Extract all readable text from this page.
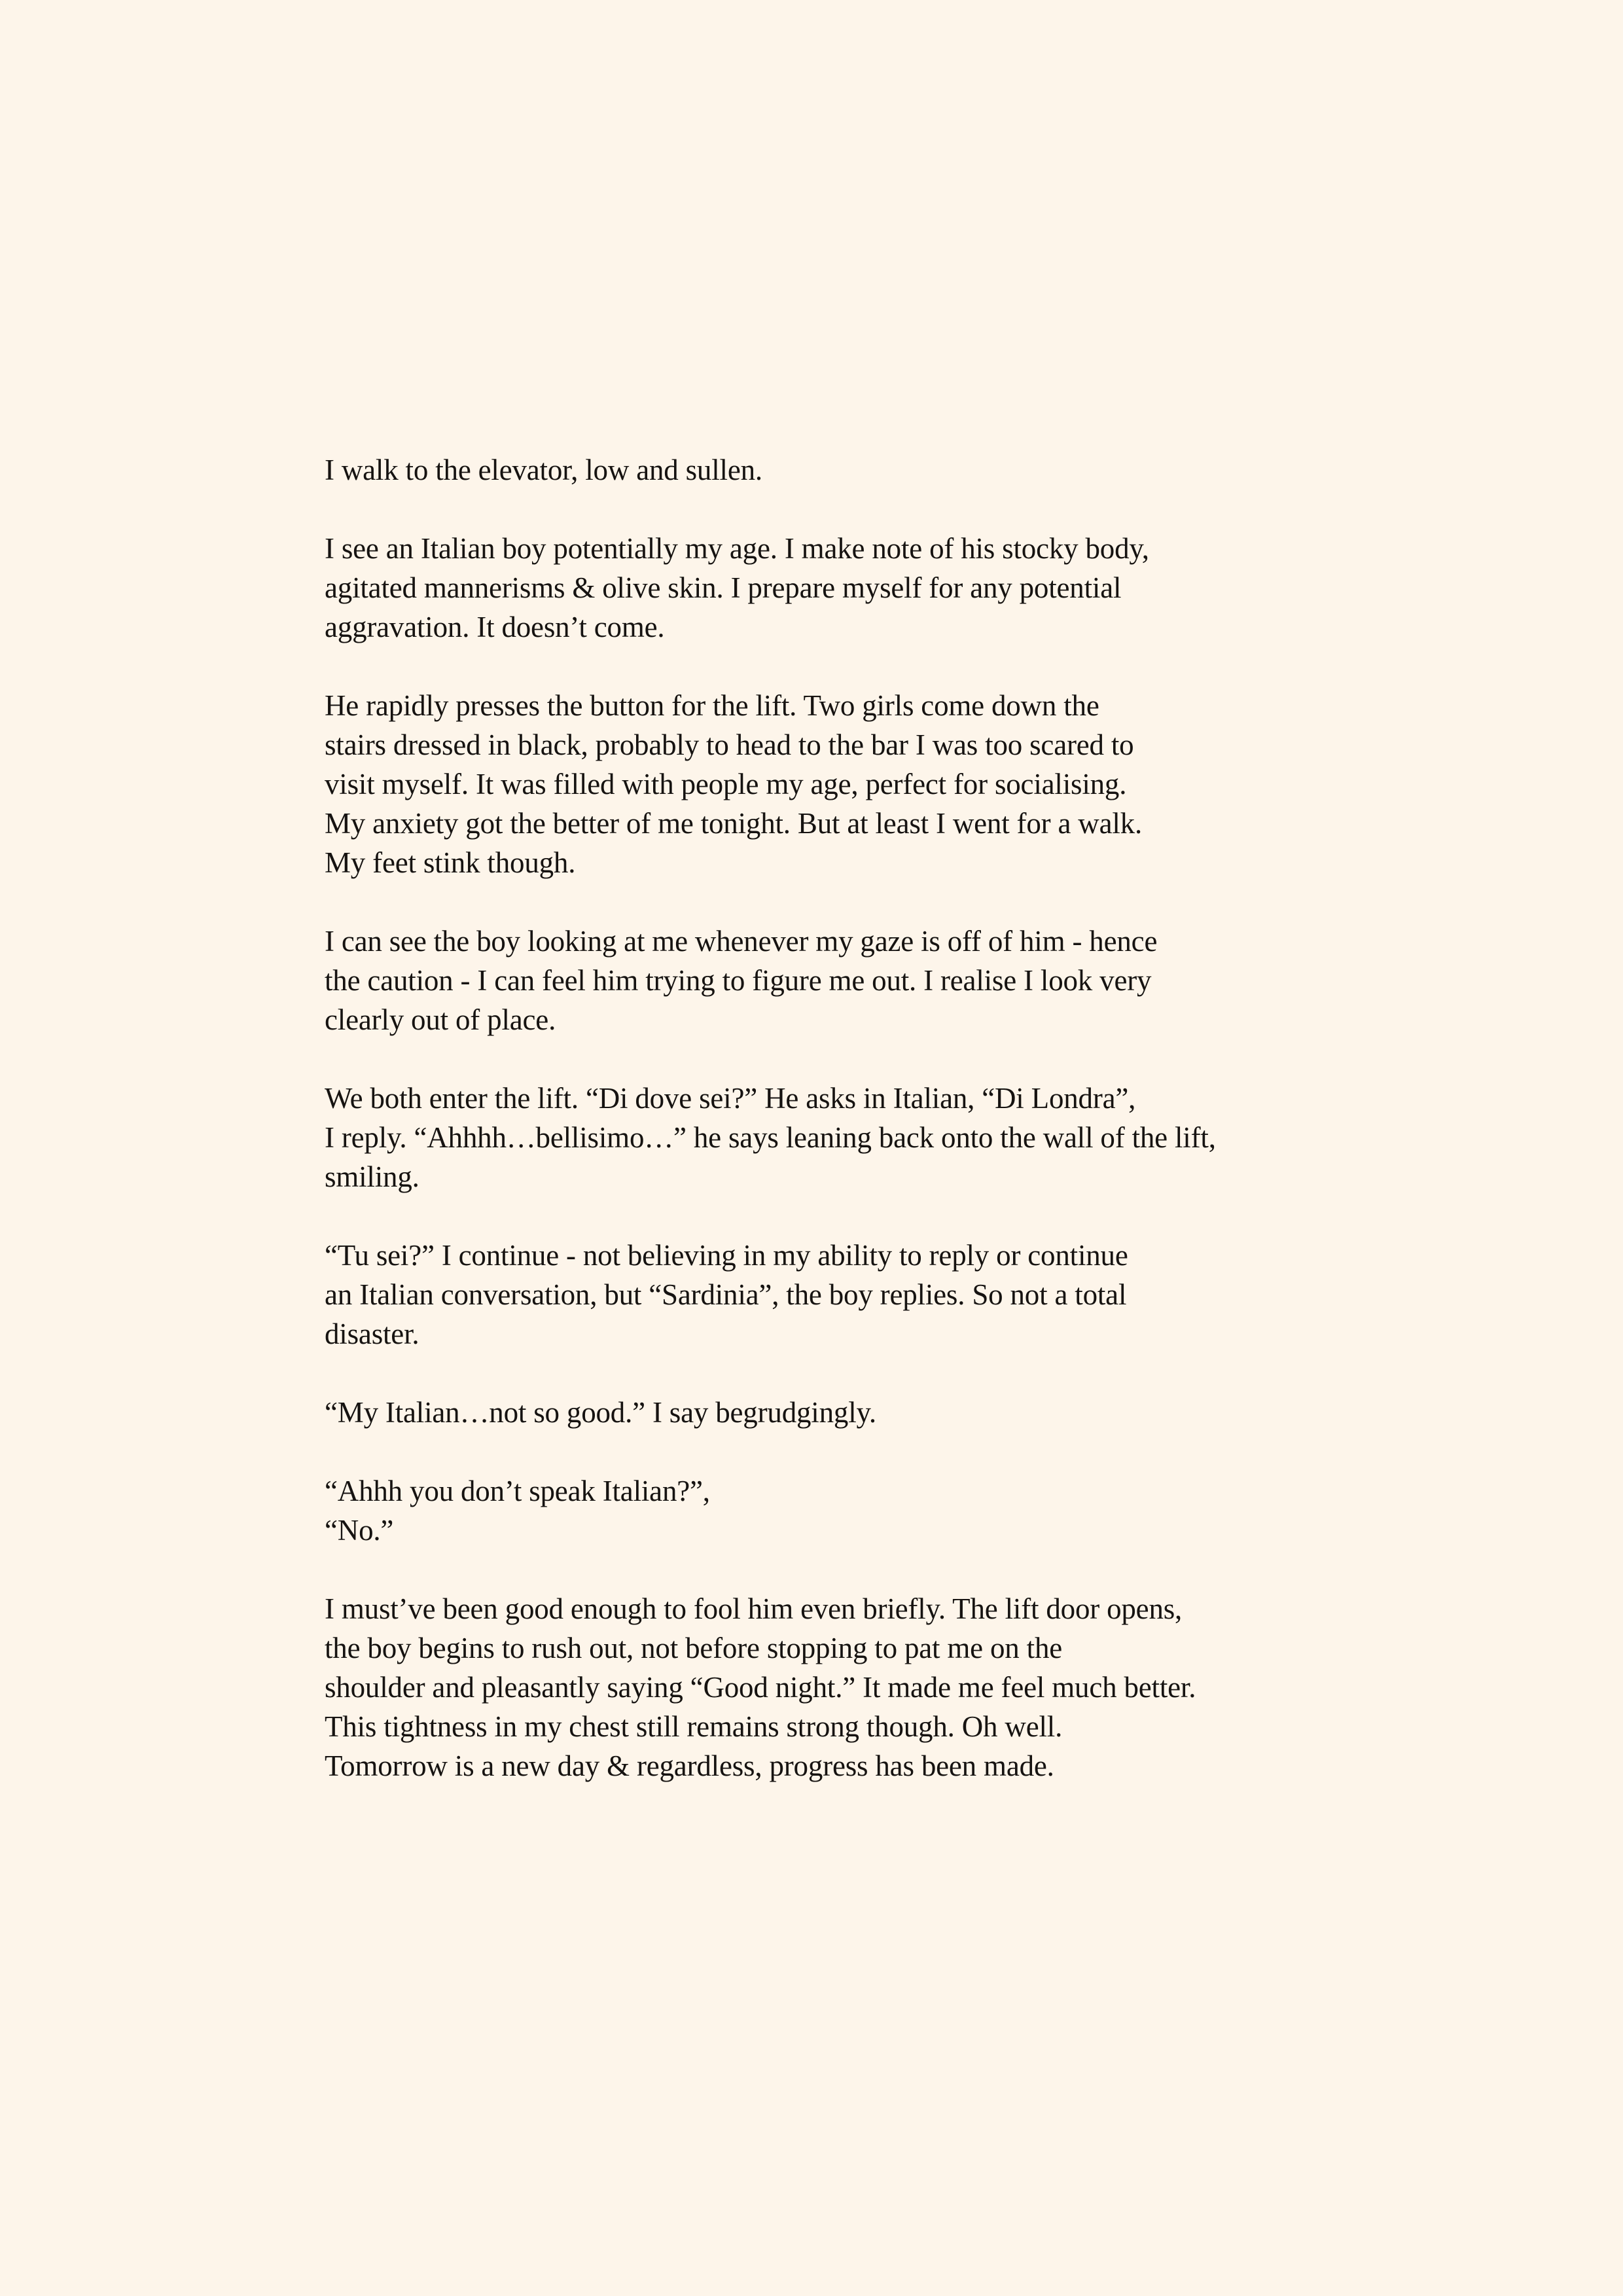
I walk to the elevator, low and sullen.

I see an Italian boy potentially my age. I make note of his stocky body,
agitated mannerisms & olive skin. I prepare myself for any potential
aggravation. It doesn’t come.

He rapidly presses the button for the lift. Two girls come down the
stairs dressed in black, probably to head to the bar I was too scared to
visit myself. It was filled with people my age, perfect for socialising.
My anxiety got the better of me tonight. But at least I went for a walk.
My feet stink though.

I can see the boy looking at me whenever my gaze is off of him - hence
the caution - I can feel him trying to figure me out. I realise I look very
clearly out of place.

We both enter the lift. “Di dove sei?” He asks in Italian, “Di Londra”,
I reply. “Ahhhh…bellisimo…” he says leaning back onto the wall of the lift,
smiling.

“Tu sei?” I continue - not believing in my ability to reply or continue
an Italian conversation, but “Sardinia”, the boy replies. So not a total
disaster.

“My Italian…not so good.” I say begrudgingly.

“Ahhh you don’t speak Italian?”,
“No.”

I must’ve been good enough to fool him even briefly. The lift door opens,
the boy begins to rush out, not before stopping to pat me on the
shoulder and pleasantly saying “Good night.” It made me feel much better.
This tightness in my chest still remains strong though. Oh well.
Tomorrow is a new day & regardless, progress has been made.
